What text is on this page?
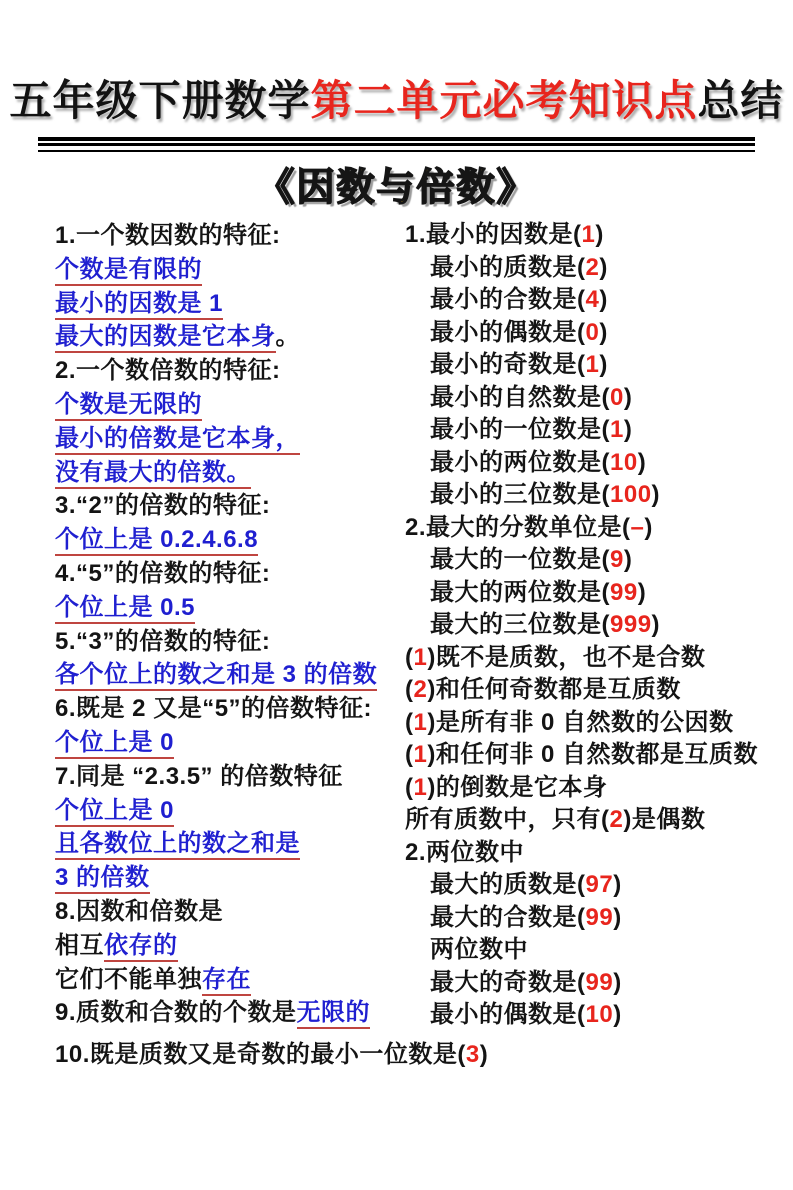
五年级下册数学第二单元必考知识点总结
《因数与倍数》
1.一个数因数的特征:
个数是有限的
最小的因数是 1
最大的因数是它本身。
2.一个数倍数的特征:
个数是无限的
最小的倍数是它本身，
没有最大的倍数。
3.“2”的倍数的特征:
个位上是 0.2.4.6.8
4.“5”的倍数的特征:
个位上是 0.5
5.“3”的倍数的特征:
各个位上的数之和是 3 的倍数
6.既是 2 又是“5”的倍数特征:
个位上是 0
7.同是 “2.3.5” 的倍数特征
个位上是 0
且各数位上的数之和是
3 的倍数
8.因数和倍数是
相互依存的
它们不能单独存在
9.质数和合数的个数是无限的
1.最小的因数是(1)
最小的质数是(2)
最小的合数是(4)
最小的偶数是(0)
最小的奇数是(1)
最小的自然数是(0)
最小的一位数是(1)
最小的两位数是(10)
最小的三位数是(100)
2.最大的分数单位是(–)
最大的一位数是(9)
最大的两位数是(99)
最大的三位数是(999)
(1)既不是质数，也不是合数
(2)和任何奇数都是互质数
(1)是所有非 0 自然数的公因数
(1)和任何非 0 自然数都是互质数
(1)的倒数是它本身
所有质数中，只有(2)是偶数
2.两位数中
最大的质数是(97)
最大的合数是(99)
两位数中
最大的奇数是(99)
最小的偶数是(10)
10.既是质数又是奇数的最小一位数是(3)
